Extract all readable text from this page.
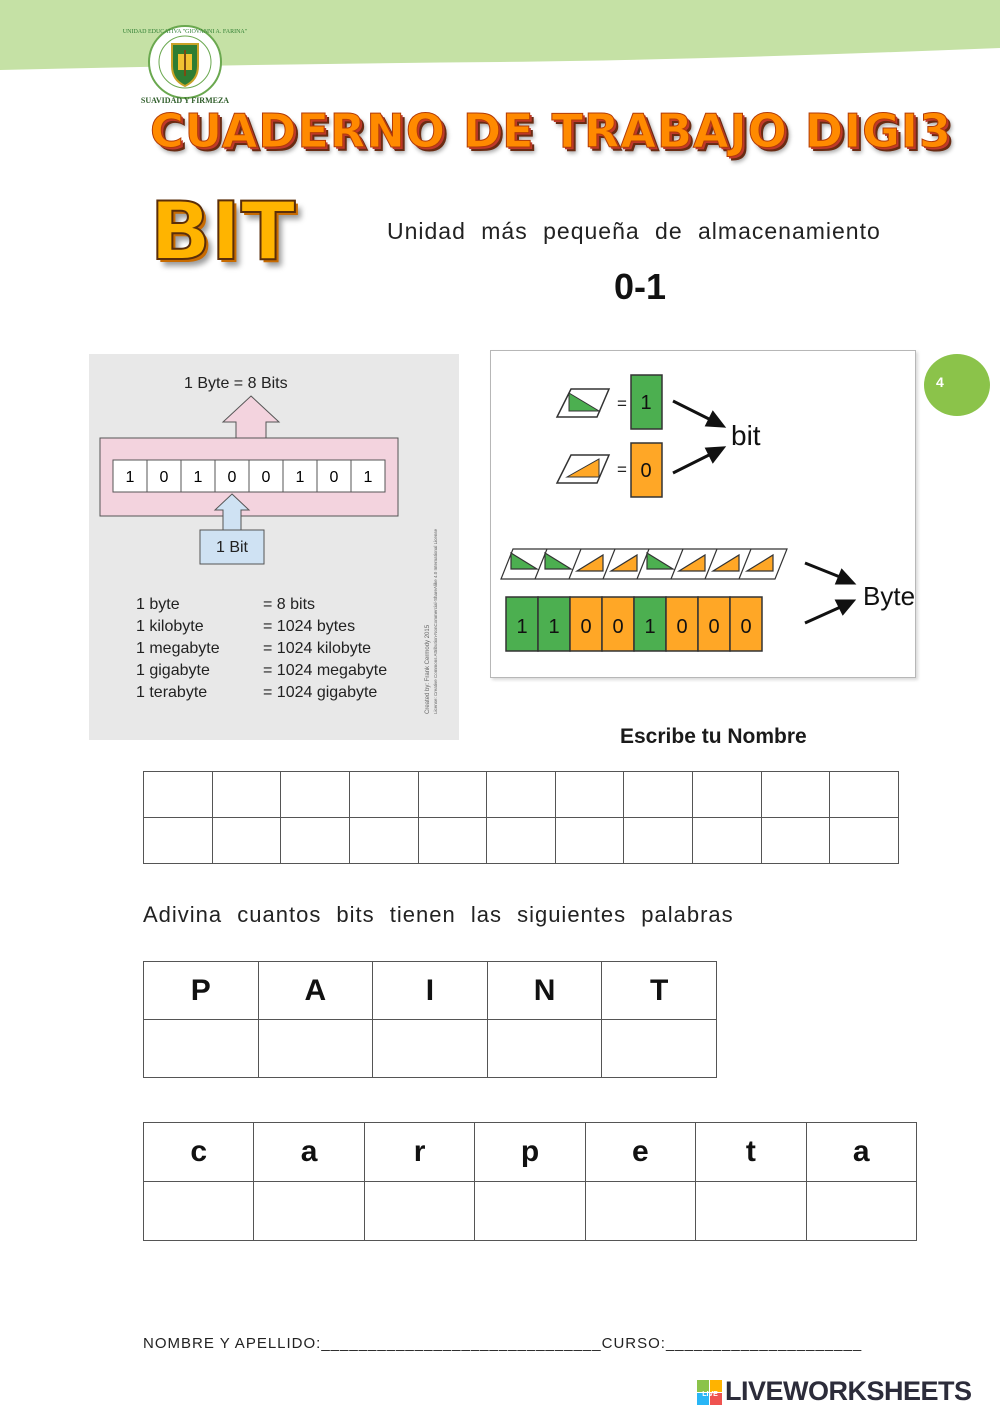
UNIDAD EDUCATIVA "GIOVANNI A. FARINA"
SUAVIDAD Y FIRMEZA
CUADERNO DE TRABAJO DIGI3
BIT	Unidad más pequeña de almacenamiento
0-1
1 Byte = 8 Bits
1 0 1 0 0 1 0 1
1 Bit
1 byte	= 8 bits
1 kilobyte	= 1024 bytes
1 megabyte	= 1024 kilobyte
1 gigabyte	= 1024 megabyte
1 terabyte	= 1024 gigabyte	Created by: Frank Cermody 2015 License: Creative Commons Attribution-NonCommercial-ShareAlike 4.0 International License
= 1
= 0
bit
1 1 0 0 1 0 0 0
Byte
4
Escribe tu Nombre

Adivina cuantos bits tienen las siguientes palabras
P	A	I	N	T

c	a	r	p	e	t	a

NOMBRE Y APELLIDO:______________________________CURSO:_____________________
LIVE LIVEWORKSHEETS
